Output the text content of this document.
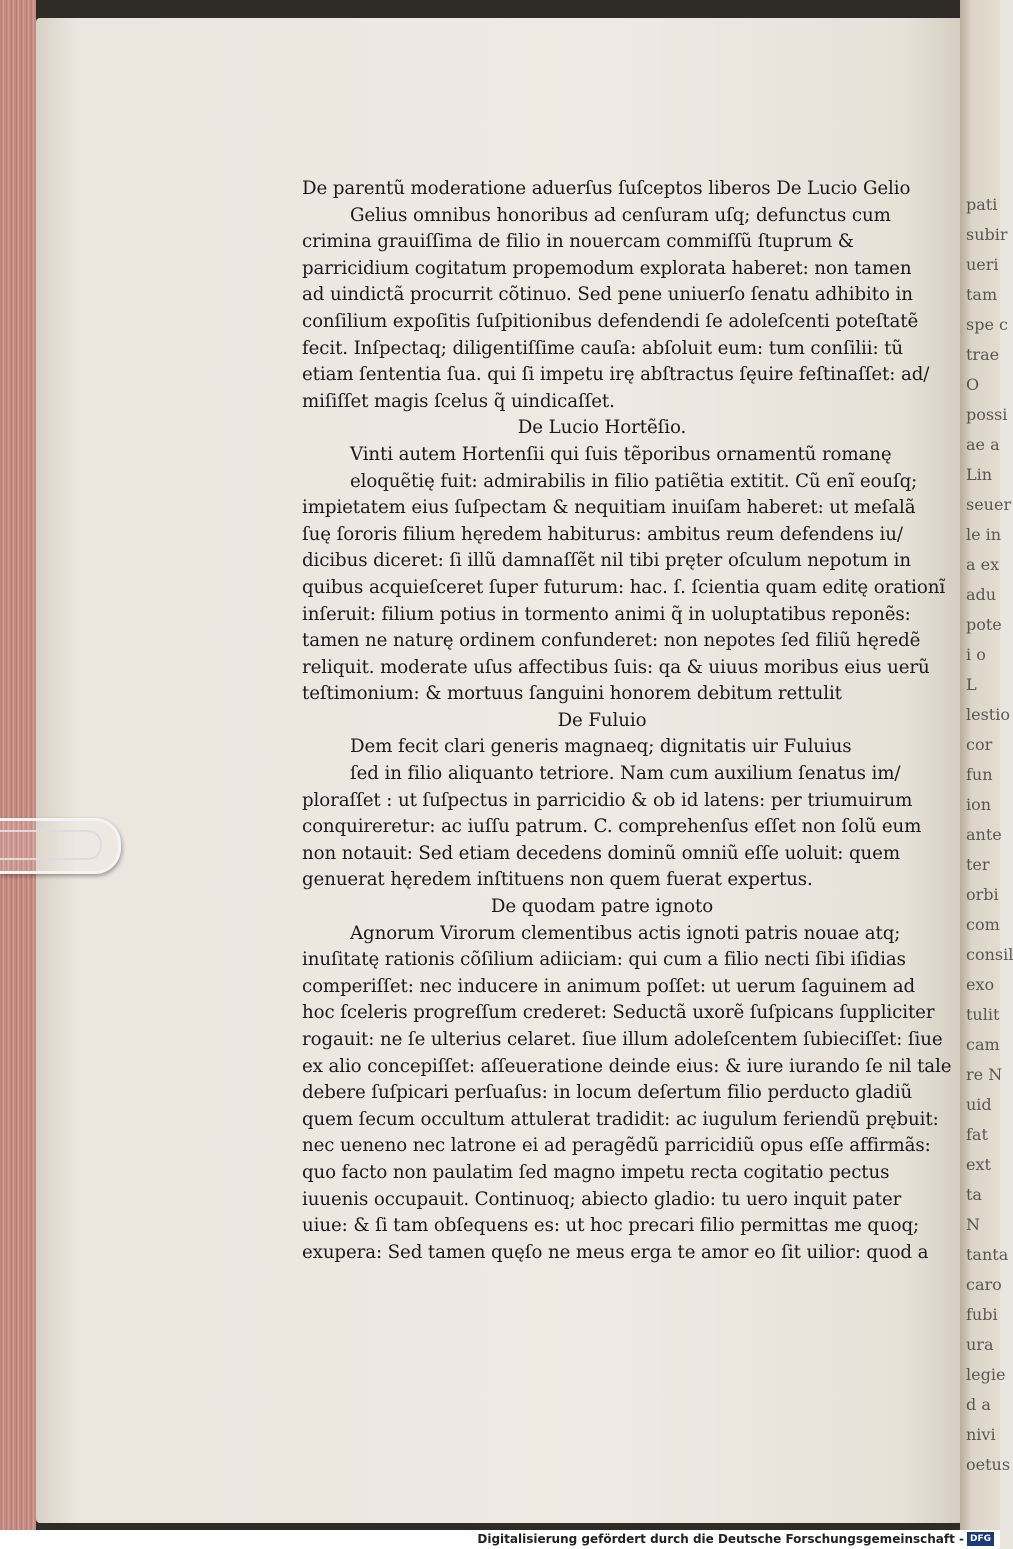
pati
subir
ueri
tam
spe c
trae
O
possi
ae a
Lin
seuer
le in
a ex
adu
pote
i o
L
lestio
cor
fun
ion
ante
ter
orbi
com
consil
exo
tulit
cam
re N
uid
fat
ext
ta
N
tanta
caro
fubi
ura
legie
d a
nivi
oetus
De parentũ moderatione aduerſus ſuſceptos liberos De Lucio Gelio
Gelius omnibus honoribus ad cenſuram uſq; defunctus cum
crimina grauiſſima de filio in nouercam commiſſũ ſtuprum &
parricidium cogitatum propemodum explorata haberet: non tamen
ad uindictã procurrit cõtinuo. Sed pene uniuerſo ſenatu adhibito in
conſilium expoſitis ſuſpitionibus defendendi ſe adoleſcenti poteſtatẽ
fecit. Inſpectaq; diligentiſſime cauſa: abſoluit eum: tum conſilii: tũ
etiam ſententia ſua. qui ſi impetu irę abſtractus ſęuire feſtinaſſet: ad/
miſiſſet magis ſcelus q̃ uindicaſſet.
De Lucio Hortẽſio.
Vinti autem Hortenſii qui ſuis tẽporibus ornamentũ romanę
eloquẽtię fuit: admirabilis in filio patiẽtia extitit. Cũ enĩ eouſq;
impietatem eius ſuſpectam & nequitiam inuiſam haberet: ut meſalã
ſuę ſororis filium hęredem habiturus: ambitus reum defendens iu/
dicibus diceret: ſi illũ damnaſſẽt nil tibi pręter oſculum nepotum in
quibus acquieſceret ſuper futurum: hac. ſ. ſcientia quam editę orationĩ
inſeruit: filium potius in tormento animi q̃ in uoluptatibus reponẽs:
tamen ne naturę ordinem confunderet: non nepotes ſed filiũ hęredẽ
reliquit. moderate uſus affectibus ſuis: qa & uiuus moribus eius uerũ
teſtimonium: & mortuus ſanguini honorem debitum rettulit
De Fuluio
Dem fecit clari generis magnaeq; dignitatis uir Fuluius
ſed in filio aliquanto tetriore. Nam cum auxilium ſenatus im/
ploraſſet : ut ſuſpectus in parricidio & ob id latens: per triumuirum
conquireretur: ac iuſſu patrum. C. comprehenſus eſſet non ſolũ eum
non notauit: Sed etiam decedens dominũ omniũ eſſe uoluit: quem
genuerat hęredem inſtituens non quem fuerat expertus.
De quodam patre ignoto
Agnorum Virorum clementibus actis ignoti patris nouae atq;
inuſitatę rationis cõſilium adiiciam: qui cum a filio necti ſibi iſidias
comperiſſet: nec inducere in animum poſſet: ut uerum ſaguinem ad
hoc ſceleris progreſſum crederet: Seductã uxorẽ ſuſpicans ſuppliciter
rogauit: ne ſe ulterius celaret. ſiue illum adoleſcentem ſubieciſſet: ſiue
ex alio concepiſſet: aſſeueratione deinde eius: & iure iurando ſe nil tale
debere ſuſpicari perſuaſus: in locum deſertum filio perducto gladiũ
quem ſecum occultum attulerat tradidit: ac iugulum feriendũ prębuit:
nec ueneno nec latrone ei ad peragẽdũ parricidiũ opus eſſe affirmãs:
quo facto non paulatim ſed magno impetu recta cogitatio pectus
iuuenis occupauit. Continuoq; abiecto gladio: tu uero inquit pater
uiue: & ſi tam obſequens es: ut hoc precari filio permittas me quoq;
exupera: Sed tamen quęſo ne meus erga te amor eo ſit uilior: quod a
Digitalisierung gefördert durch die Deutsche Forschungsgemeinschaft - DFG
